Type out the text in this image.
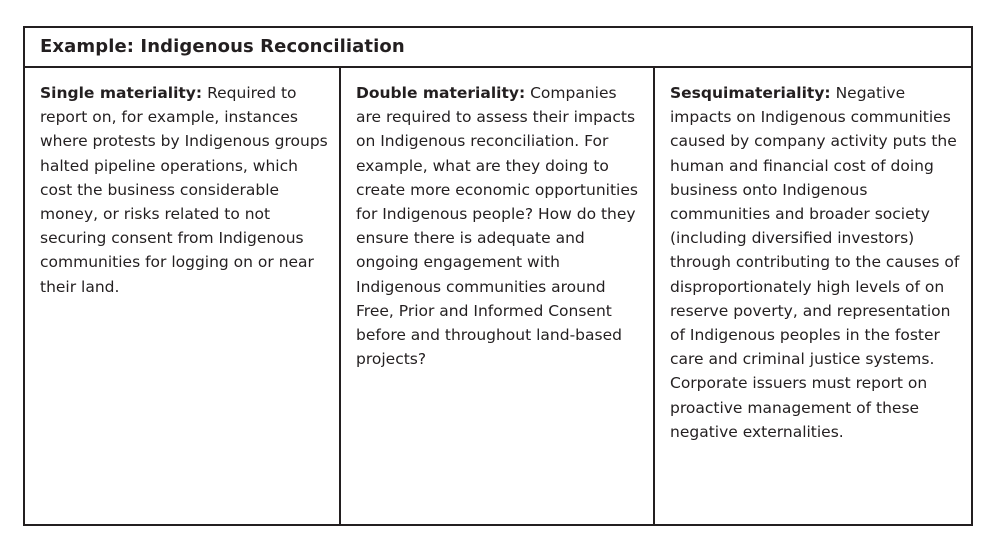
Example: Indigenous Reconciliation
Single materiality: Required to report on, for example, instances where protests by Indigenous groups halted pipeline operations, which cost the business considerable money, or risks related to not securing consent from Indigenous communities for logging on or near their land.
Double materiality: Companies are required to assess their impacts on Indigenous reconciliation. For example, what are they doing to create more economic opportunities for Indigenous people? How do they ensure there is adequate and ongoing engagement with Indigenous communities around Free, Prior and Informed Consent before and throughout land-based projects?
Sesquimateriality: Negative impacts on Indigenous communities caused by company activity puts the human and financial cost of doing business onto Indigenous communities and broader society (including diversified investors) through contributing to the causes of disproportionately high levels of on reserve poverty, and representation of Indigenous peoples in the foster care and criminal justice systems. Corporate issuers must report on proactive management of these negative externalities.
